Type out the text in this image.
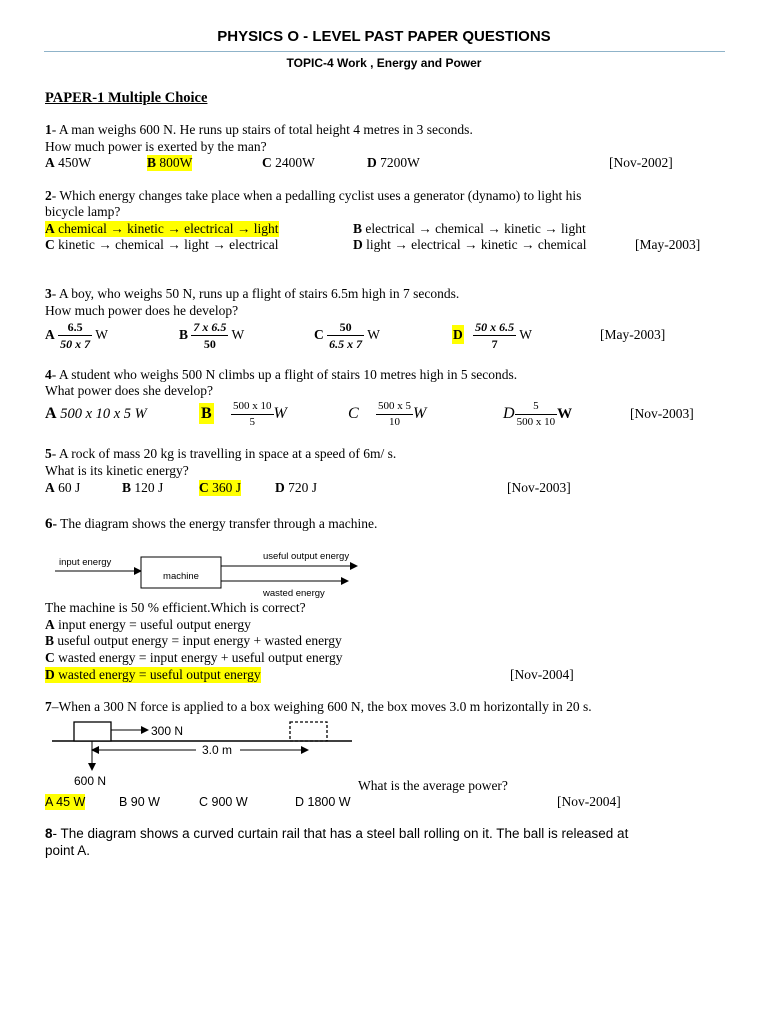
PHYSICS O - LEVEL PAST PAPER QUESTIONS
TOPIC-4 Work , Energy and Power
PAPER-1 Multiple Choice
1- A man weighs 600 N. He runs up stairs of total height 4 metres in 3 seconds.
How much power is exerted by the man?
A 450W	B 800W	C 2400W	D 7200W	[Nov-2002]
2- Which energy changes take place when a pedalling cyclist uses a generator (dynamo) to light his
bicycle lamp?
A chemical → kinetic → electrical → light	B electrical → chemical → kinetic → light
C kinetic → chemical → light → electrical	D light → electrical → kinetic → chemical	[May-2003]
3- A boy, who weighs 50 N, runs up a flight of stairs 6.5m high in 7 seconds.
How much power does he develop?
A $\frac{6.5}{50 x 7}$ W	B $\frac{7 x 6.5}{50}$ W	C $\frac{50}{6.5 x 7}$ W	D $\frac{50 x 6.5}{7}$ W	[May-2003]
4- A student who weighs 500 N climbs up a flight of stairs 10 metres high in 5 seconds.
What power does she develop?
A 500 x 10 x 5 W	B $\frac{500 x 10}{5}$ W	C $\frac{500 x 5}{10}$ W	D $\frac{5}{500 x 10}$ W	[Nov-2003]
5- A rock of mass 20 kg is travelling in space at a speed of 6m/ s.
What is its kinetic energy?
A 60 J	B 120 J	C 360 J	D 720 J	[Nov-2003]
6- The diagram shows the energy transfer through a machine.
input energy
machine
useful output energy
wasted energy
The machine is 50 % efficient.Which is correct?
A input energy = useful output energy
B useful output energy = input energy + wasted energy
C wasted energy = input energy + useful output energy
D wasted energy = useful output energy	[Nov-2004]
7–When a 300 N force is applied to a box weighing 600 N, the box moves 3.0 m horizontally in 20 s.
300 N
3.0 m
600 N	What is the average power?
A 45 W	B 90 W	C 900 W	D 1800 W	[Nov-2004]
8- The diagram shows a curved curtain rail that has a steel ball rolling on it. The ball is released at
point A.
